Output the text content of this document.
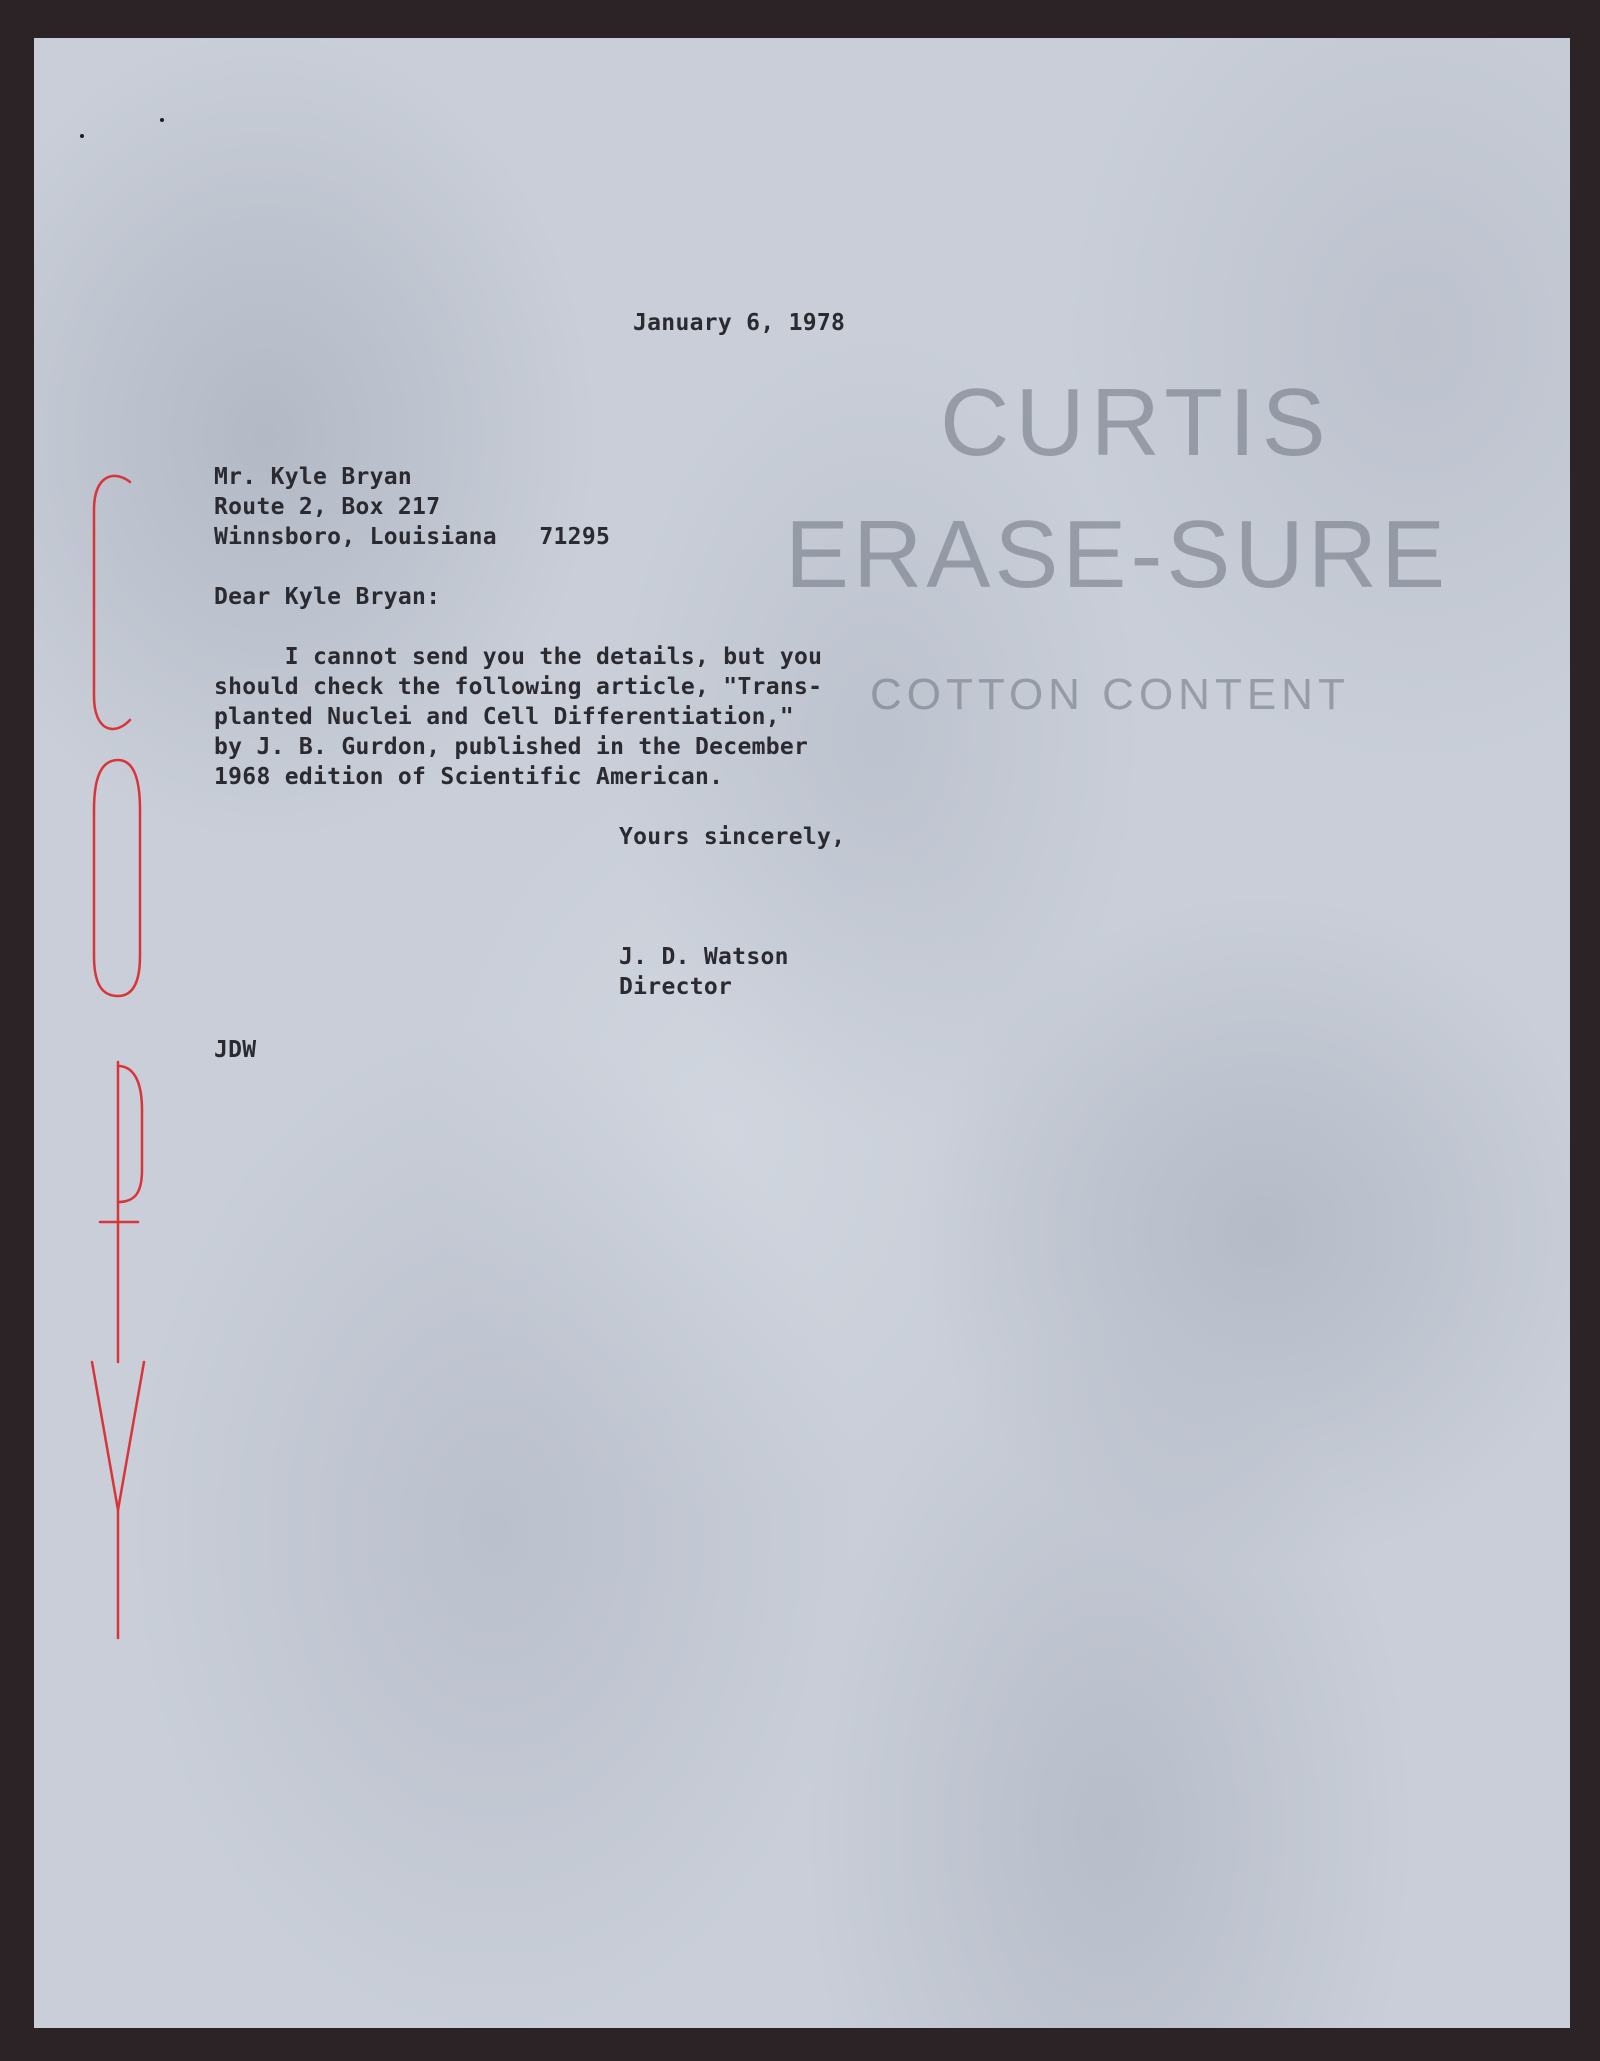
CURTIS
ERASE-SURE
COTTON CONTENT
January 6, 1978
Mr. Kyle Bryan
Route 2, Box 217
Winnsboro, Louisiana   71295
Dear Kyle Bryan:
I cannot send you the details, but you
should check the following article, "Trans-
planted Nuclei and Cell Differentiation,"
by J. B. Gurdon, published in the December
1968 edition of Scientific American.
Yours sincerely,
J. D. Watson
Director
JDW
